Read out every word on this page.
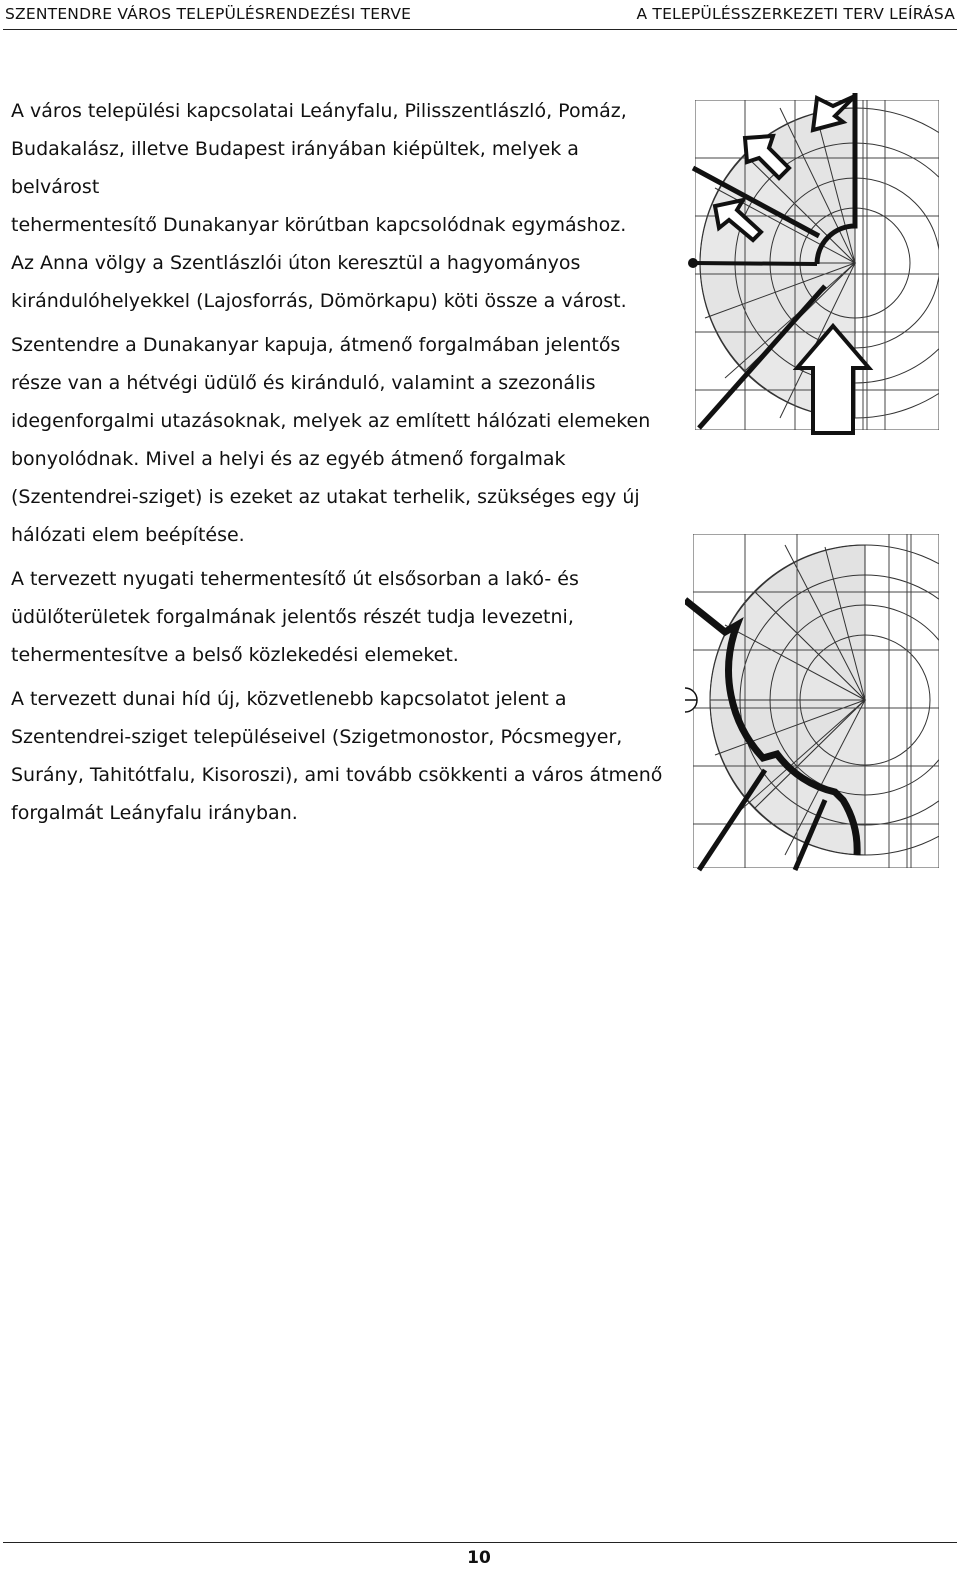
SZENTENDRE VÁROS TELEPÜLÉSRENDEZÉSI TERVE	A TELEPÜLÉSSZERKEZETI TERV LEÍRÁSA

A város települési kapcsolatai Leányfalu, Pilisszentlászló, Pomáz,
Budakalász, illetve Budapest irányában kiépültek, melyek a belvárost
tehermentesítő Dunakanyar körútban kapcsolódnak egymáshoz.
Az Anna völgy a Szentlászlói úton keresztül a hagyományos
kirándulóhelyekkel (Lajosforrás, Dömörkapu) köti össze a várost.

Szentendre a Dunakanyar kapuja, átmenő forgalmában jelentős
része van a hétvégi üdülő és kiránduló, valamint a szezonális
idegenforgalmi utazásoknak, melyek az említett hálózati elemeken
bonyolódnak. Mivel a helyi és az egyéb átmenő forgalmak
(Szentendrei-sziget) is ezeket az utakat terhelik, szükséges egy új
hálózati elem beépítése.

A tervezett nyugati tehermentesítő út elsősorban a lakó- és
üdülőterületek forgalmának jelentős részét tudja levezetni,
tehermentesítve a belső közlekedési elemeket.

A tervezett dunai híd új, közvetlenebb kapcsolatot jelent a
Szentendrei-sziget településeivel (Szigetmonostor, Pócsmegyer,
Surány, Tahitótfalu, Kisoroszi), ami tovább csökkenti a város átmenő
forgalmát Leányfalu irányban.

10
